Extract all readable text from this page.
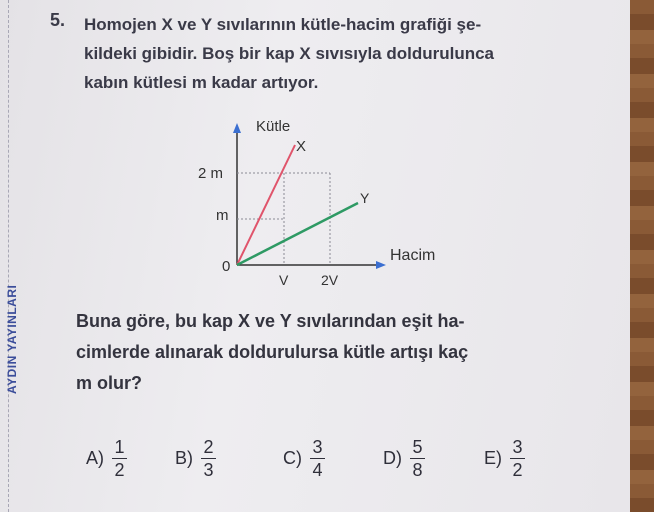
AYDIN YAYINLARI
5. Homojen X ve Y sıvılarının kütle-hacim grafiği şe-
kildeki gibidir. Boş bir kap X sıvısıyla doldurulunca
kabın kütlesi m kadar artıyor.
Kütle
X
Y
2 m
m
0
V 2V
Hacim
Buna göre, bu kap X ve Y sıvılarından eşit ha-
cimlerde alınarak doldurulursa kütle artışı kaç
m olur?
$A) \frac{1}{2}$	$B) \frac{2}{3}$	$C) \frac{3}{4}$	$D) \frac{5}{8}$	$E) \frac{3}{2}$
